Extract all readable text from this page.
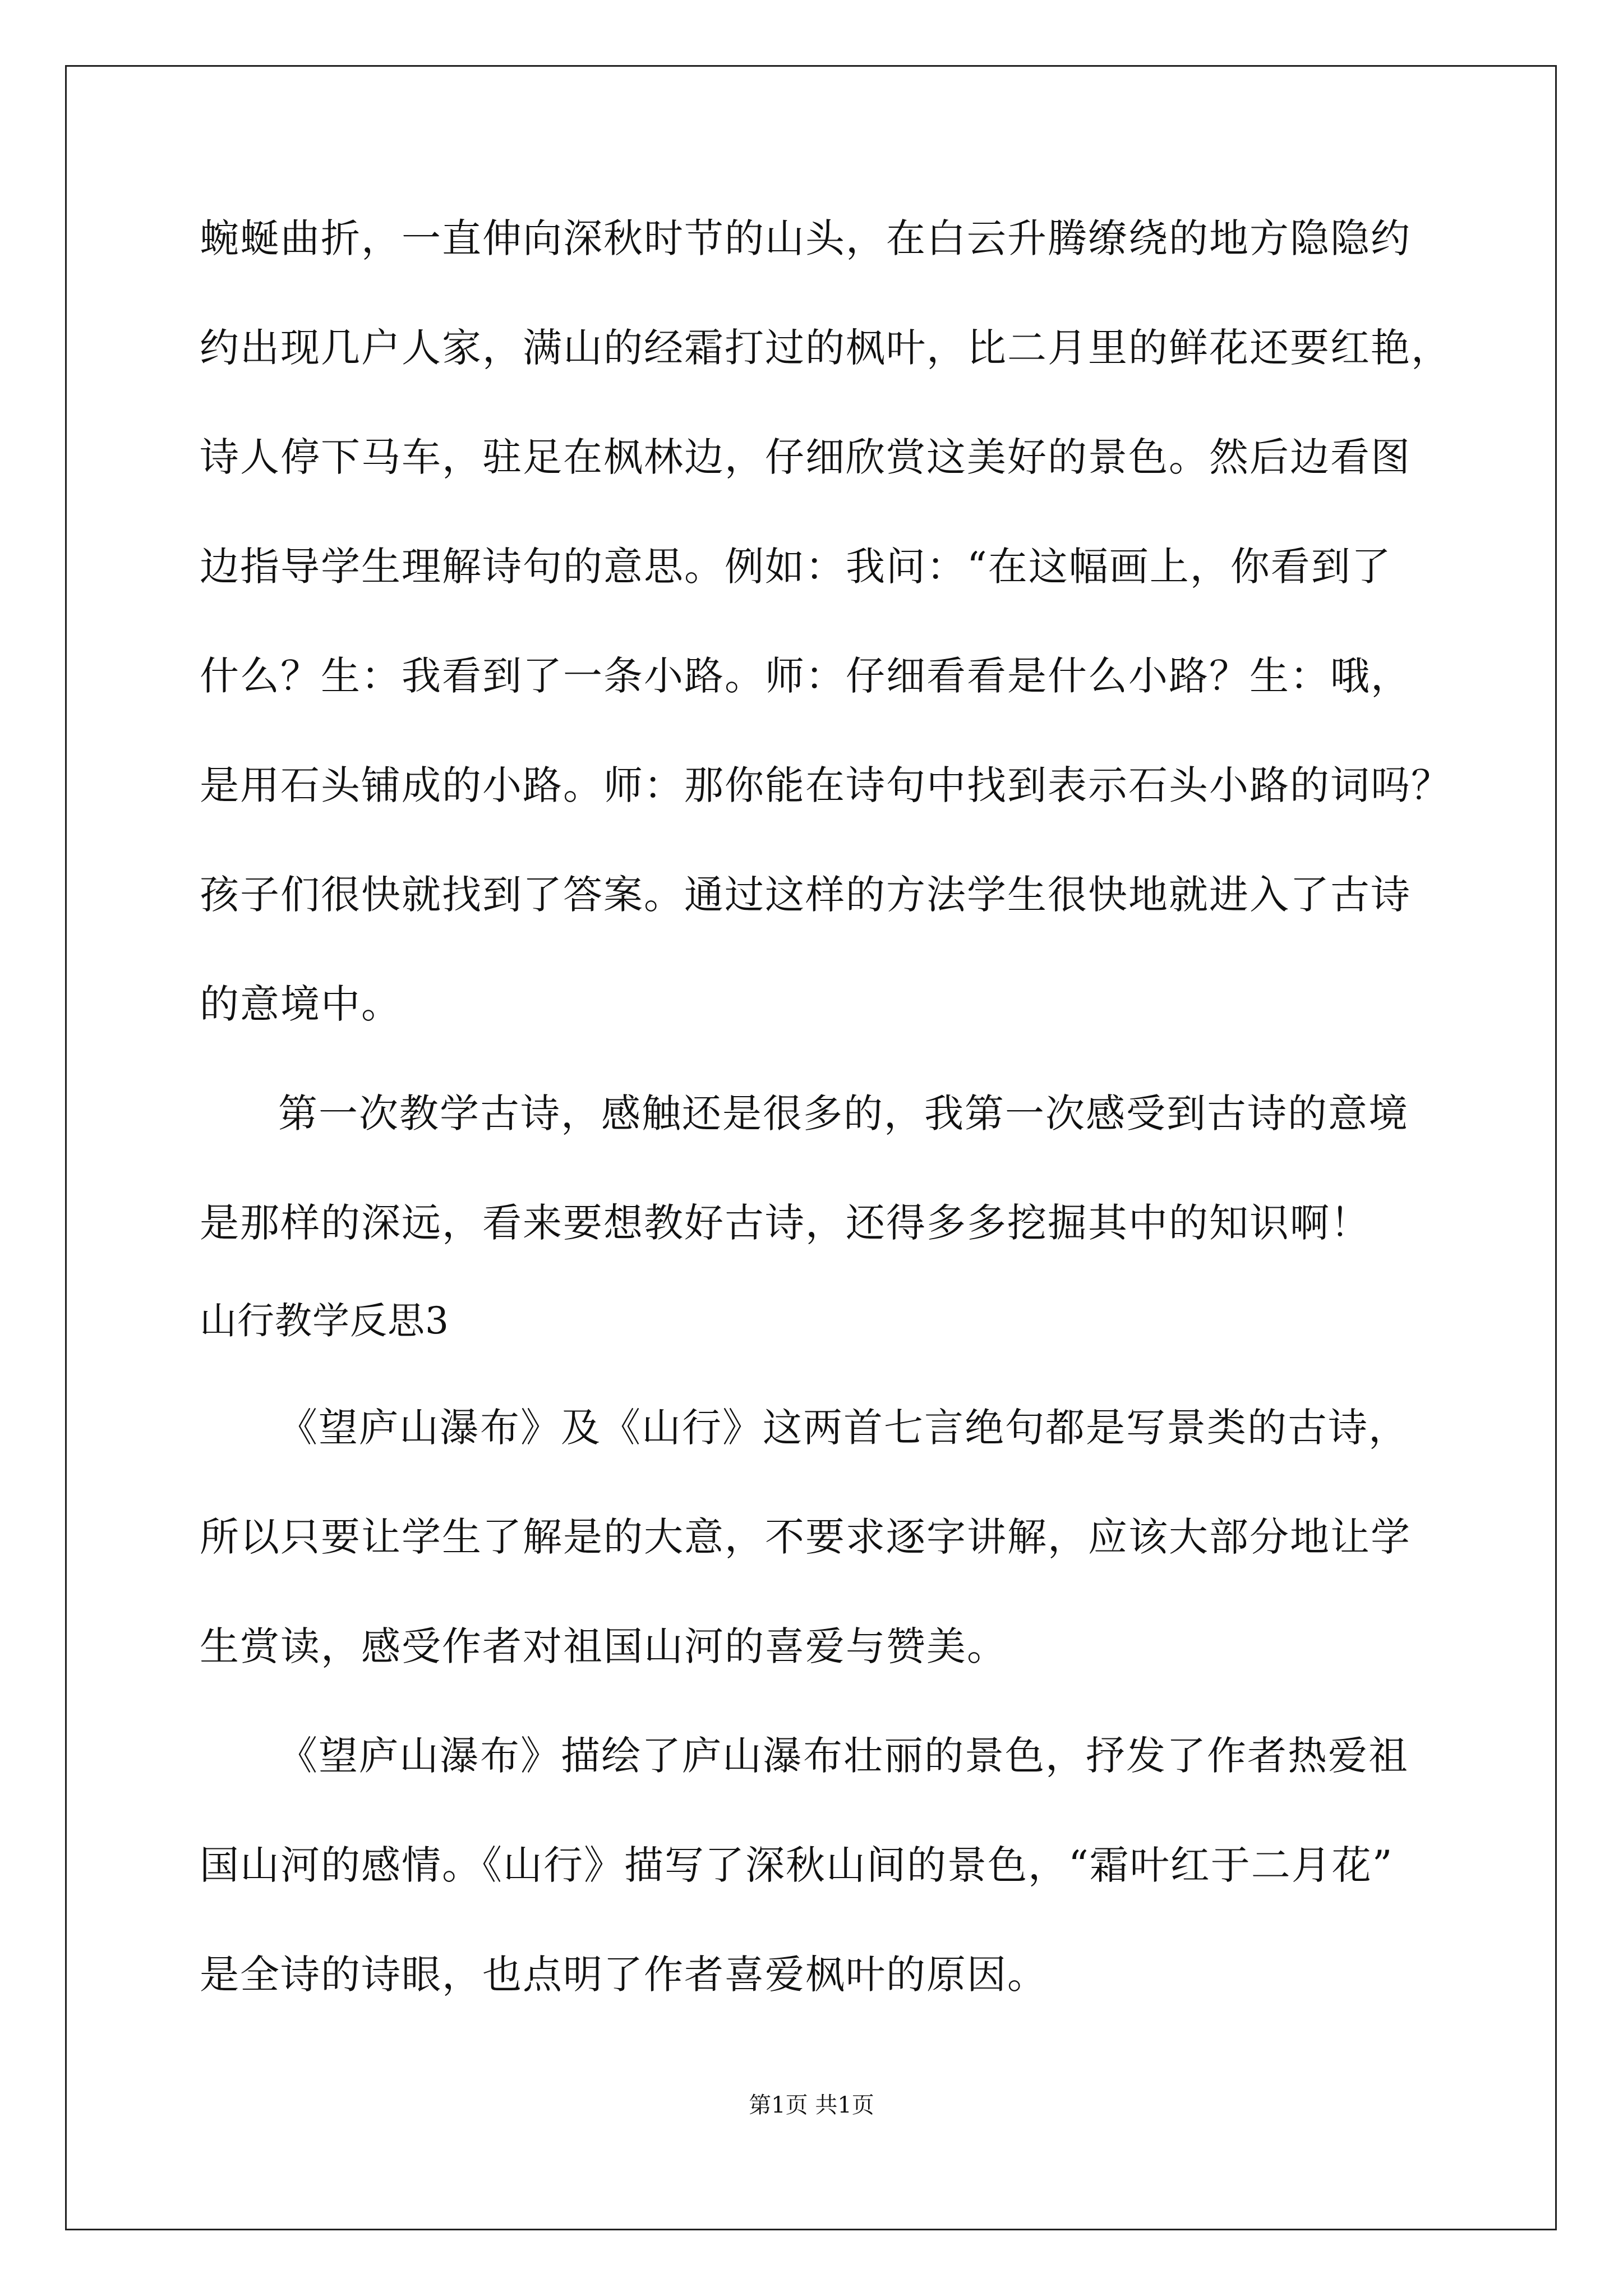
蜿蜒曲折，一直伸向深秋时节的山头，在白云升腾缭绕的地方隐隐约
约出现几户人家，满山的经霜打过的枫叶，比二月里的鲜花还要红艳，
诗人停下马车，驻足在枫林边，仔细欣赏这美好的景色。然后边看图
边指导学生理解诗句的意思。例如：我问：“在这幅画上，你看到了
什么？生：我看到了一条小路。师：仔细看看是什么小路？生：哦，
是用石头铺成的小路。师：那你能在诗句中找到表示石头小路的词吗？
孩子们很快就找到了答案。通过这样的方法学生很快地就进入了古诗
的意境中。
第一次教学古诗，感触还是很多的，我第一次感受到古诗的意境
是那样的深远，看来要想教好古诗，还得多多挖掘其中的知识啊！
山行教学反思3
《望庐山瀑布》及《山行》这两首七言绝句都是写景类的古诗，
所以只要让学生了解是的大意，不要求逐字讲解，应该大部分地让学
生赏读，感受作者对祖国山河的喜爱与赞美。
《望庐山瀑布》描绘了庐山瀑布壮丽的景色，抒发了作者热爱祖
国山河的感情。《山行》描写了深秋山间的景色，“霜叶红于二月花”
是全诗的诗眼，也点明了作者喜爱枫叶的原因。
第1页 共1页
